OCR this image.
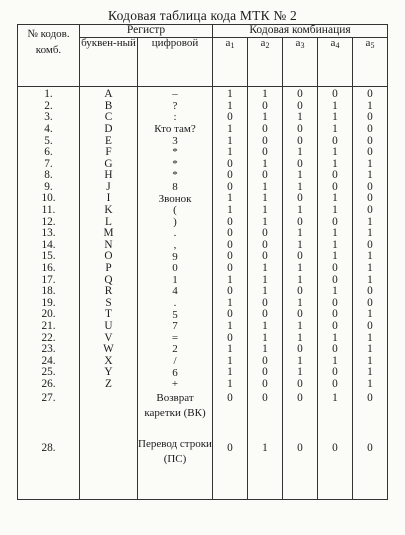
Кодовая таблица кода МТК № 2
№ кодов. комб.	Регистр		Кодовая комбинация				
	буквен-ный	цифровой	$a_1$	$a_2$	$a_3$	$a_4$	$a_5$
1.	A	–	1	1	0	0	0
2.	B	?	1	0	0	1	1
3.	C	:	0	1	1	1	0
4.	D	Кто там?	1	0	0	1	0
5.	E	3	1	0	0	0	0
6.	F	*	1	0	1	1	0
7.	G	*	0	1	0	1	1
8.	H	*	0	0	1	0	1
9.	J	8	0	1	1	0	0
10.	I	Звонок	1	1	0	1	0
11.	K	(	1	1	1	1	0
12.	L	)	0	1	0	0	1
13.	M	.	0	0	1	1	1
14.	N	,	0	0	1	1	0
15.	O	9	0	0	0	1	1
16.	P	0	0	1	1	0	1
17.	Q	1	1	1	1	0	1
18.	R	4	0	1	0	1	0
19.	S	.	1	0	1	0	0
20.	T	5	0	0	0	0	1
21.	U	7	1	1	1	0	0
22.	V	=	0	1	1	1	1
23.	W	2	1	1	0	0	1
24.	X	/	1	0	1	1	1
25.	Y	6	1	0	1	0	1
26.	Z	+	1	0	0	0	1
27.		Возврат каретки (ВК)	0	0	0	1	0
28.		Перевод строки (ПС)	0	1	0	0	0
